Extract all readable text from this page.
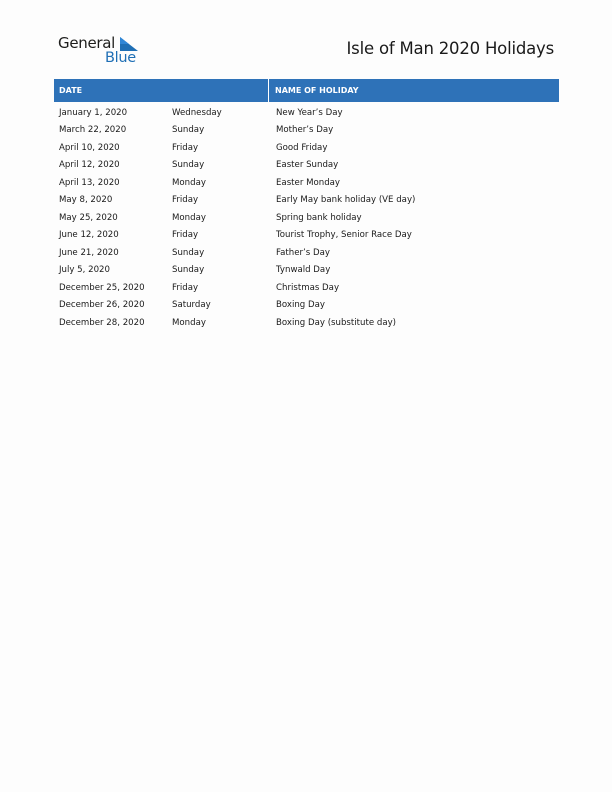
General
Blue	Isle of Man 2020 Holidays
DATE	NAME OF HOLIDAY
January 1, 2020	Wednesday	New Year’s Day
March 22, 2020	Sunday	Mother’s Day
April 10, 2020	Friday	Good Friday
April 12, 2020	Sunday	Easter Sunday
April 13, 2020	Monday	Easter Monday
May 8, 2020	Friday	Early May bank holiday (VE day)
May 25, 2020	Monday	Spring bank holiday
June 12, 2020	Friday	Tourist Trophy, Senior Race Day
June 21, 2020	Sunday	Father’s Day
July 5, 2020	Sunday	Tynwald Day
December 25, 2020	Friday	Christmas Day
December 26, 2020	Saturday	Boxing Day
December 28, 2020	Monday	Boxing Day (substitute day)
